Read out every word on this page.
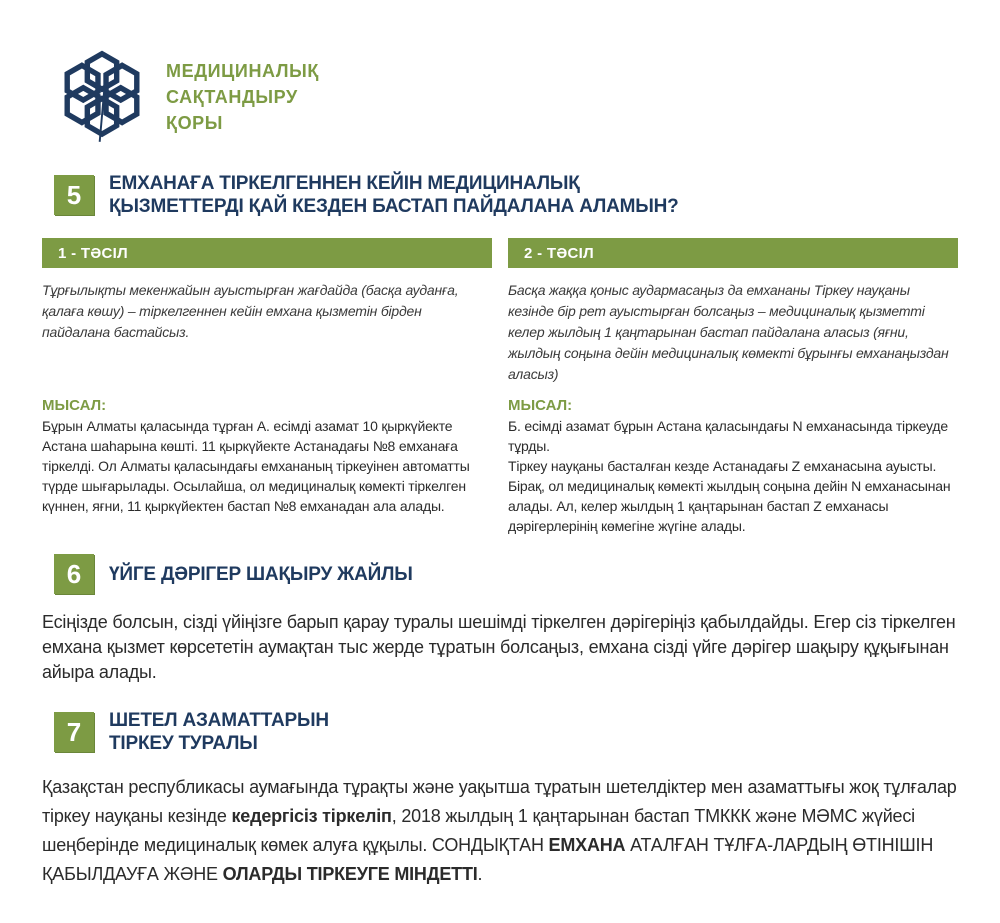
МЕДИЦИНАЛЫҚ
САҚТАНДЫРУ
ҚОРЫ
5	ЕМХАНАҒА ТІРКЕЛГЕННЕН КЕЙІН МЕДИЦИНАЛЫҚ
ҚЫЗМЕТТЕРДІ ҚАЙ КЕЗДЕН БАСТАП ПАЙДАЛАНА АЛАМЫН?
1 - ТӘСІЛ

Тұрғылықты мекенжайын ауыстырған жағдайда (басқа ауданға, қалаға көшу) – тіркелгеннен кейін емхана қызметін бірден пайдалана бастайсыз.

МЫСАЛ:

Бұрын Алматы қаласында тұрған А. есімді азамат 10 қыркүйекте Астана шаһарына көшті. 11 қыркүйекте Астанадағы №8 емханаға тіркелді. Ол Алматы қаласындағы емхананың тіркеуінен автоматты түрде шығарылады. Осылайша, ол медициналық көмекті тіркелген күннен, яғни, 11 қыркүйектен бастап №8 емханадан ала алады.

2 - ТӘСІЛ

Басқа жаққа қоныс аудармасаңыз да емхананы Тіркеу науқаны кезінде бір рет ауыстырған болсаңыз – медициналық қызметті келер жылдың 1 қаңтарынан бастап пайдалана аласыз (яғни, жылдың соңына дейін медициналық көмекті бұрынғы емханаңыздан аласыз)

МЫСАЛ:

Б. есімді азамат бұрын Астана қаласындағы N емханасында тіркеуде тұрды.

Тіркеу науқаны басталған кезде Астанадағы Z емханасына ауысты.

Бірақ, ол медициналық көмекті жылдың соңына дейін N емханасынан алады. Ал, келер жылдың 1 қаңтарынан бастап Z емханасы дәрігерлерінің көмегіне жүгіне алады.

6	ҮЙГЕ ДӘРІГЕР ШАҚЫРУ ЖАЙЛЫ

Есіңізде болсын, сізді үйіңізге барып қарау туралы шешімді тіркелген дәрігеріңіз қабылдайды. Егер сіз тіркелген емхана қызмет көрсететін аумақтан тыс жерде тұратын болсаңыз, емхана сізді үйге дәрігер шақыру құқығынан айыра алады.

7	ШЕТЕЛ АЗАМАТТАРЫН
ТІРКЕУ ТУРАЛЫ

Қазақстан республикасы аумағында тұрақты және уақытша тұратын шетелдіктер мен азаматтығы жоқ тұлғалар тіркеу науқаны кезінде кедергісіз тіркеліп, 2018 жылдың 1 қаңтарынан бастап ТМККК және МӘМС жүйесі шеңберінде медициналық көмек алуға құқылы. СОНДЫҚТАН ЕМХАНА АТАЛҒАН ТҰЛҒА-ЛАРДЫҢ ӨТІНІШІН ҚАБЫЛДАУҒА ЖӘНЕ ОЛАРДЫ ТІРКЕУГЕ МІНДЕТТІ.
